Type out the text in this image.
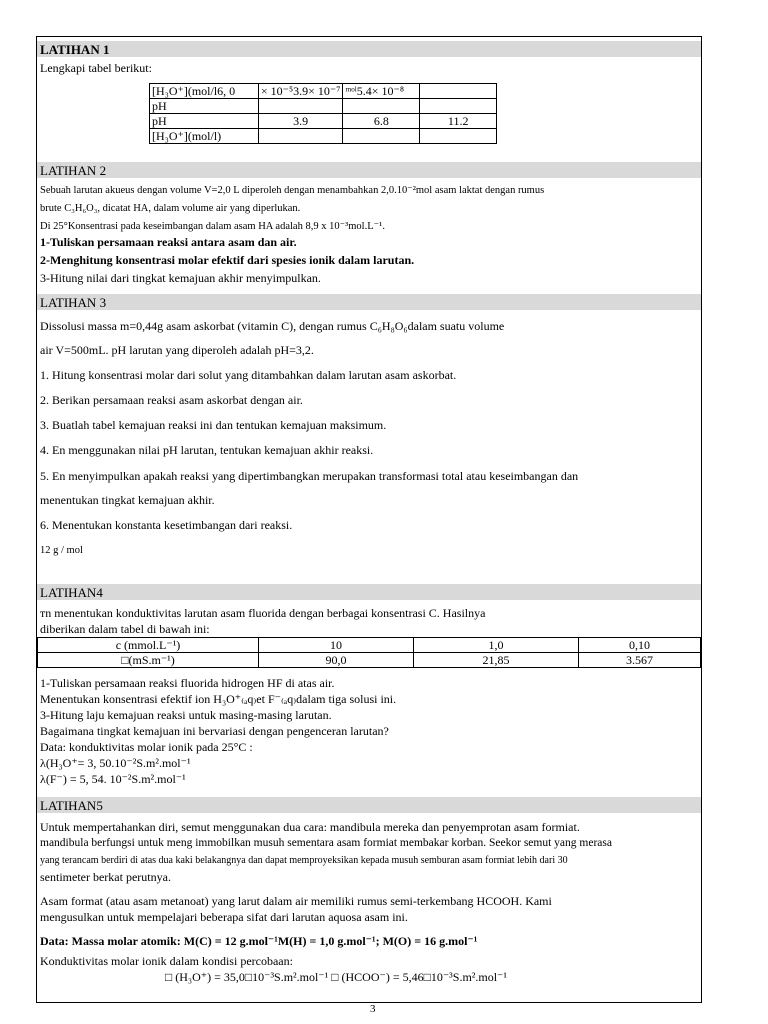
LATIHAN 1
Lengkapi tabel berikut:
[H₃O⁺](mol/l6, 0	× 10⁻⁵3.9× 10⁻⁷	ᵐᵒˡ5.4× 10⁻⁸	
pH			
pH	3.9	6.8	11.2
[H₃O⁺](mol/l)			
LATIHAN 2
Sebuah larutan akueus dengan volume V=2,0 L diperoleh dengan menambahkan 2,0.10⁻²mol asam laktat dengan rumus
brute C₃H₆O₃, dicatat HA, dalam volume air yang diperlukan.
Di 25°Konsentrasi pada keseimbangan dalam asam HA adalah 8,9 x 10⁻³mol.L⁻¹.
1-Tuliskan persamaan reaksi antara asam dan air.
2-Menghitung konsentrasi molar efektif dari spesies ionik dalam larutan.
3-Hitung nilai dari tingkat kemajuan akhir menyimpulkan.
LATIHAN 3
Dissolusi massa m=0,44g asam askorbat (vitamin C), dengan rumus C₆H₈O₆dalam suatu volume
air V=500mL. pH larutan yang diperoleh adalah pH=3,2.
1. Hitung konsentrasi molar dari solut yang ditambahkan dalam larutan asam askorbat.
2. Berikan persamaan reaksi asam askorbat dengan air.
3. Buatlah tabel kemajuan reaksi ini dan tentukan kemajuan maksimum.
4. En menggunakan nilai pH larutan, tentukan kemajuan akhir reaksi.
5. En menyimpulkan apakah reaksi yang dipertimbangkan merupakan transformasi total atau keseimbangan dan
menentukan tingkat kemajuan akhir.
6. Menentukan konstanta kesetimbangan dari reaksi.
12 g / mol
LATIHAN4
ᴛn menentukan konduktivitas larutan asam fluorida dengan berbagai konsentrasi C. Hasilnya
diberikan dalam tabel di bawah ini:
c (mmol.L⁻¹)	10	1,0	0,10
□(mS.m⁻¹)	90,0	21,85	3.567
1-Tuliskan persamaan reaksi fluorida hidrogen HF di atas air.
Menentukan konsentrasi efektif ion H₃O⁺₍ₐq₎et F⁻₍ₐq₎dalam tiga solusi ini.
3-Hitung laju kemajuan reaksi untuk masing-masing larutan.
Bagaimana tingkat kemajuan ini bervariasi dengan pengenceran larutan?
Data: konduktivitas molar ionik pada 25°C :
λ(H₃O⁺= 3, 50.10⁻²S.m².mol⁻¹
λ(F⁻) = 5, 54. 10⁻²S.m².mol⁻¹
LATIHAN5
Untuk mempertahankan diri, semut menggunakan dua cara: mandibula mereka dan penyemprotan asam formiat.
mandibula berfungsi untuk meng immobilkan musuh sementara asam formiat membakar korban. Seekor semut yang merasa
yang terancam berdiri di atas dua kaki belakangnya dan dapat memproyeksikan kepada musuh semburan asam formiat lebih dari 30
sentimeter berkat perutnya.
Asam format (atau asam metanoat) yang larut dalam air memiliki rumus semi-terkembang HCOOH. Kami
mengusulkan untuk mempelajari beberapa sifat dari larutan aquosa asam ini.
Data: Massa molar atomik: M(C) = 12 g.mol⁻¹M(H) = 1,0 g.mol⁻¹; M(O) = 16 g.mol⁻¹
Konduktivitas molar ionik dalam kondisi percobaan:
□ (H₃O⁺) = 35,0□10⁻³S.m².mol⁻¹ □ (HCOO⁻) = 5,46□10⁻³S.m².mol⁻¹
3
